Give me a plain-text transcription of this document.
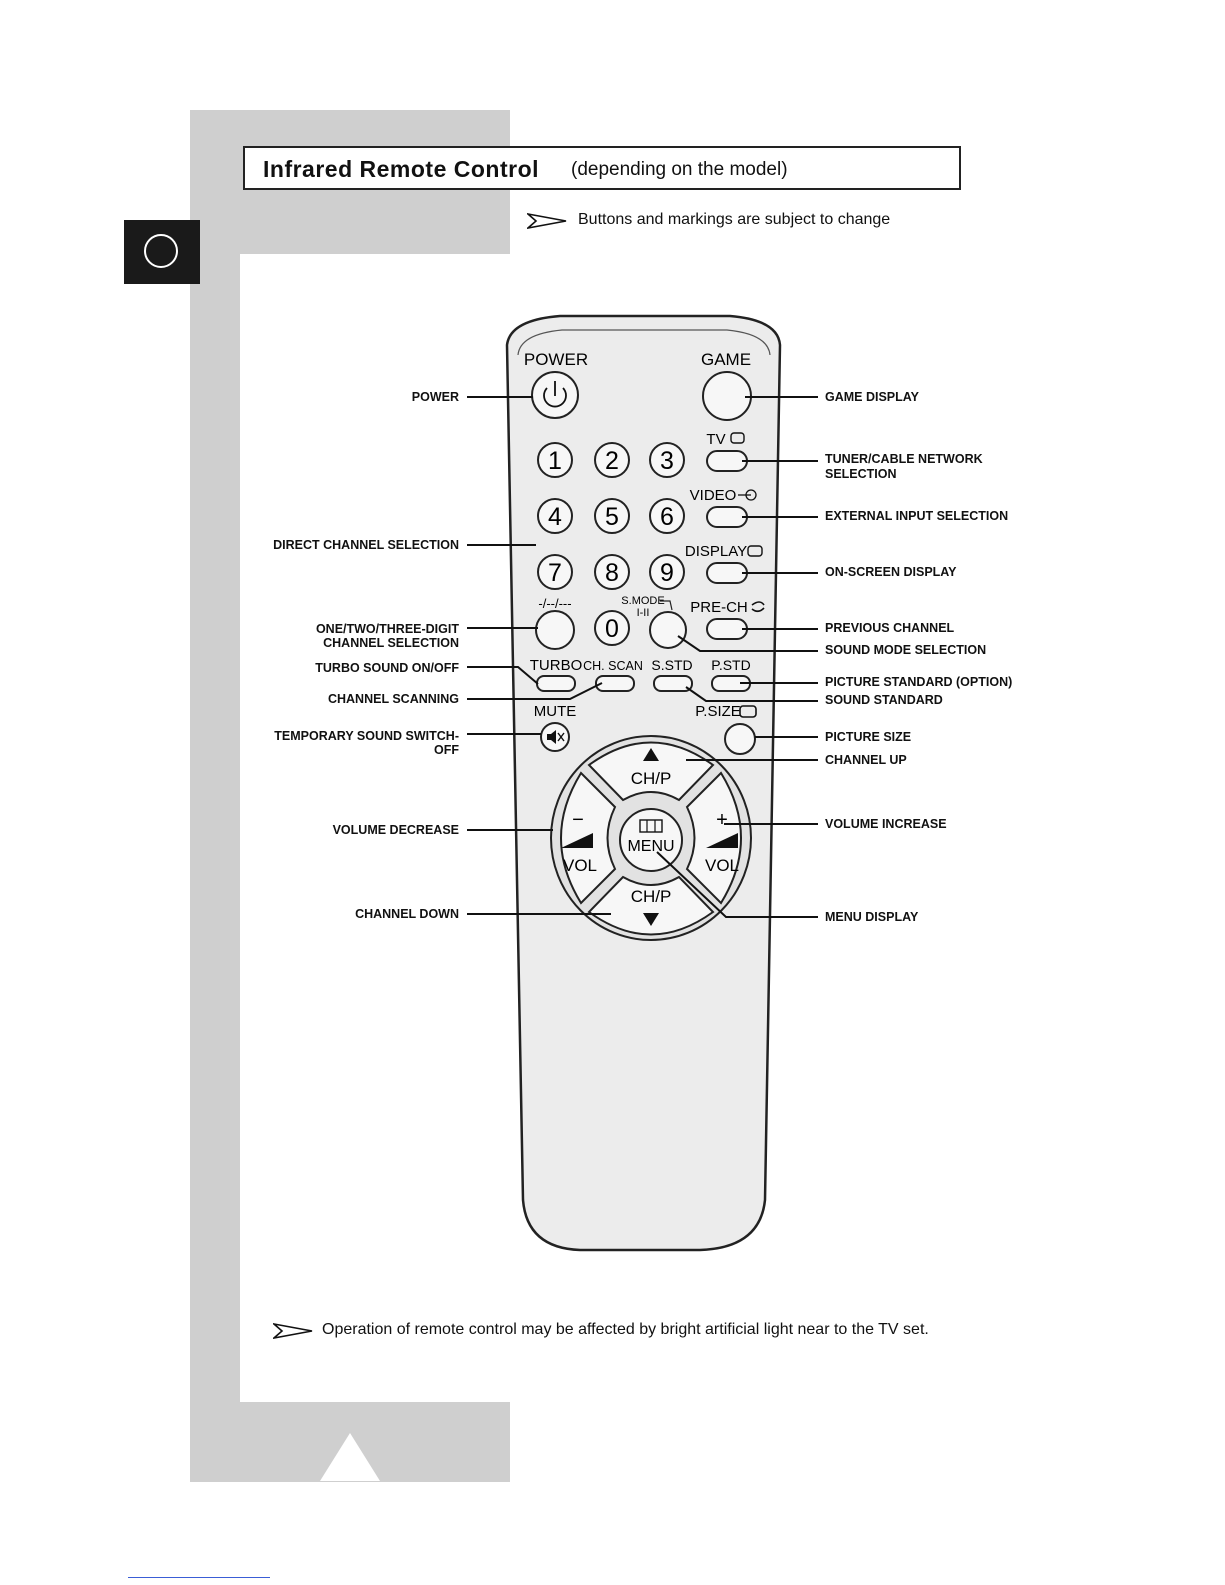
Infrared Remote Control (depending on the model)
Buttons and markings are subject to change
POWER	GAME
1 2 3
4 5 6
7 8 9
0
-/--/---	S.MODE
I-II
TV
VIDEO
DISPLAY
PRE-CH
TURBO CH. SCAN S.STD P.STD
MUTE	P.SIZE
CH/P
CH/P
−
VOL
+
VOL
MENU
POWER
DIRECT CHANNEL SELECTION
ONE/TWO/THREE-DIGIT
CHANNEL SELECTION
TURBO SOUND ON/OFF
CHANNEL SCANNING
TEMPORARY SOUND SWITCH-
OFF
VOLUME DECREASE
CHANNEL DOWN
GAME DISPLAY
TUNER/CABLE NETWORK
SELECTION
EXTERNAL INPUT SELECTION
ON-SCREEN DISPLAY
PREVIOUS CHANNEL
SOUND MODE SELECTION
PICTURE STANDARD (OPTION)
SOUND STANDARD
PICTURE SIZE
CHANNEL UP
VOLUME INCREASE
MENU DISPLAY
Operation of remote control may be affected by bright artificial light near to the TV set.
